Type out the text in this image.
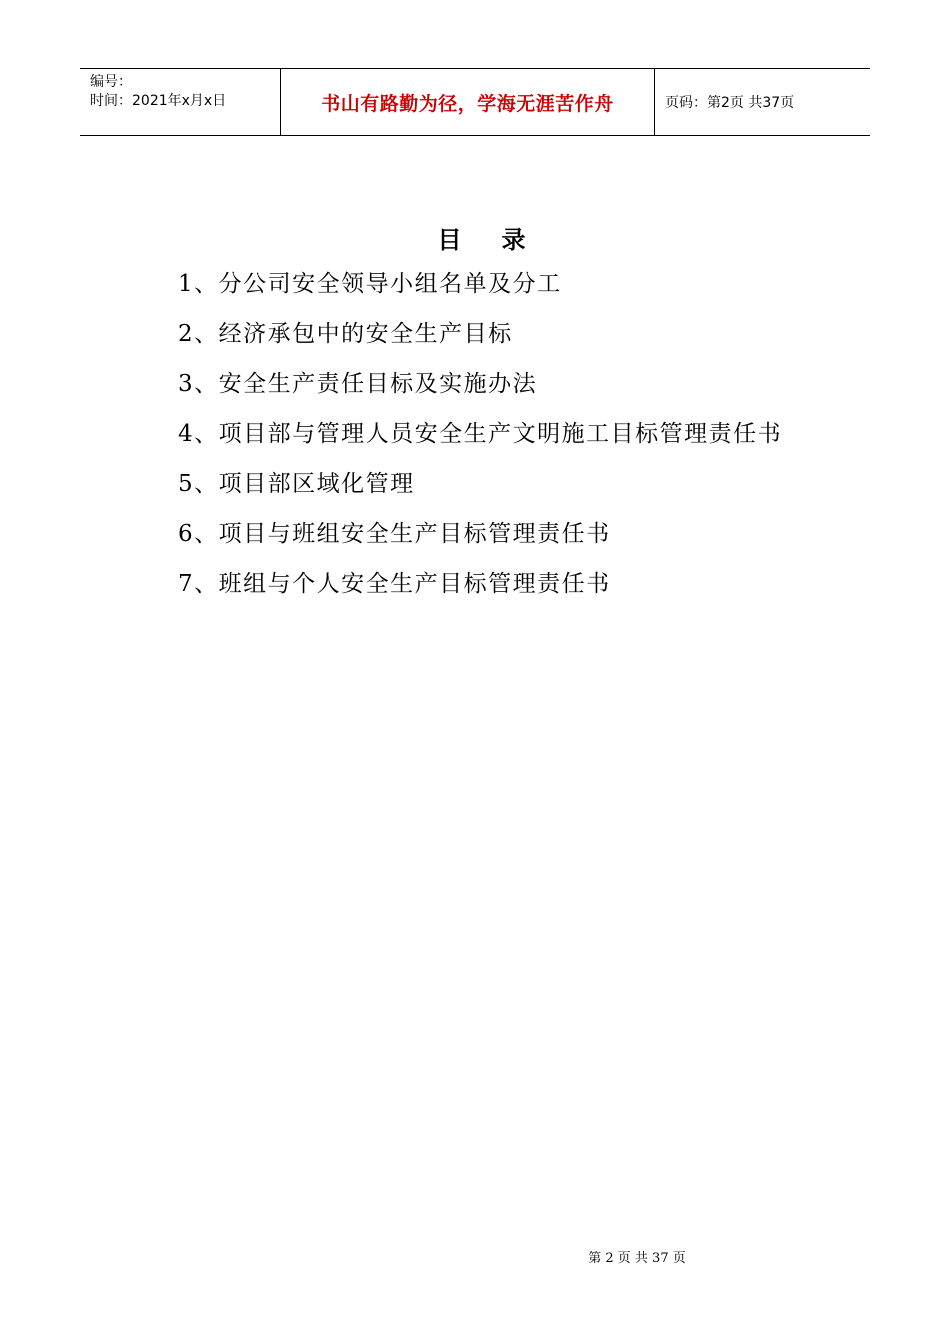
编号：
时间：2021年x月x日	书山有路勤为径，学海无涯苦作舟	页码：第2页 共37页
目录
1、分公司安全领导小组名单及分工
2、经济承包中的安全生产目标
3、安全生产责任目标及实施办法
4、项目部与管理人员安全生产文明施工目标管理责任书
5、项目部区域化管理
6、项目与班组安全生产目标管理责任书
7、班组与个人安全生产目标管理责任书
第 2 页 共 37 页
